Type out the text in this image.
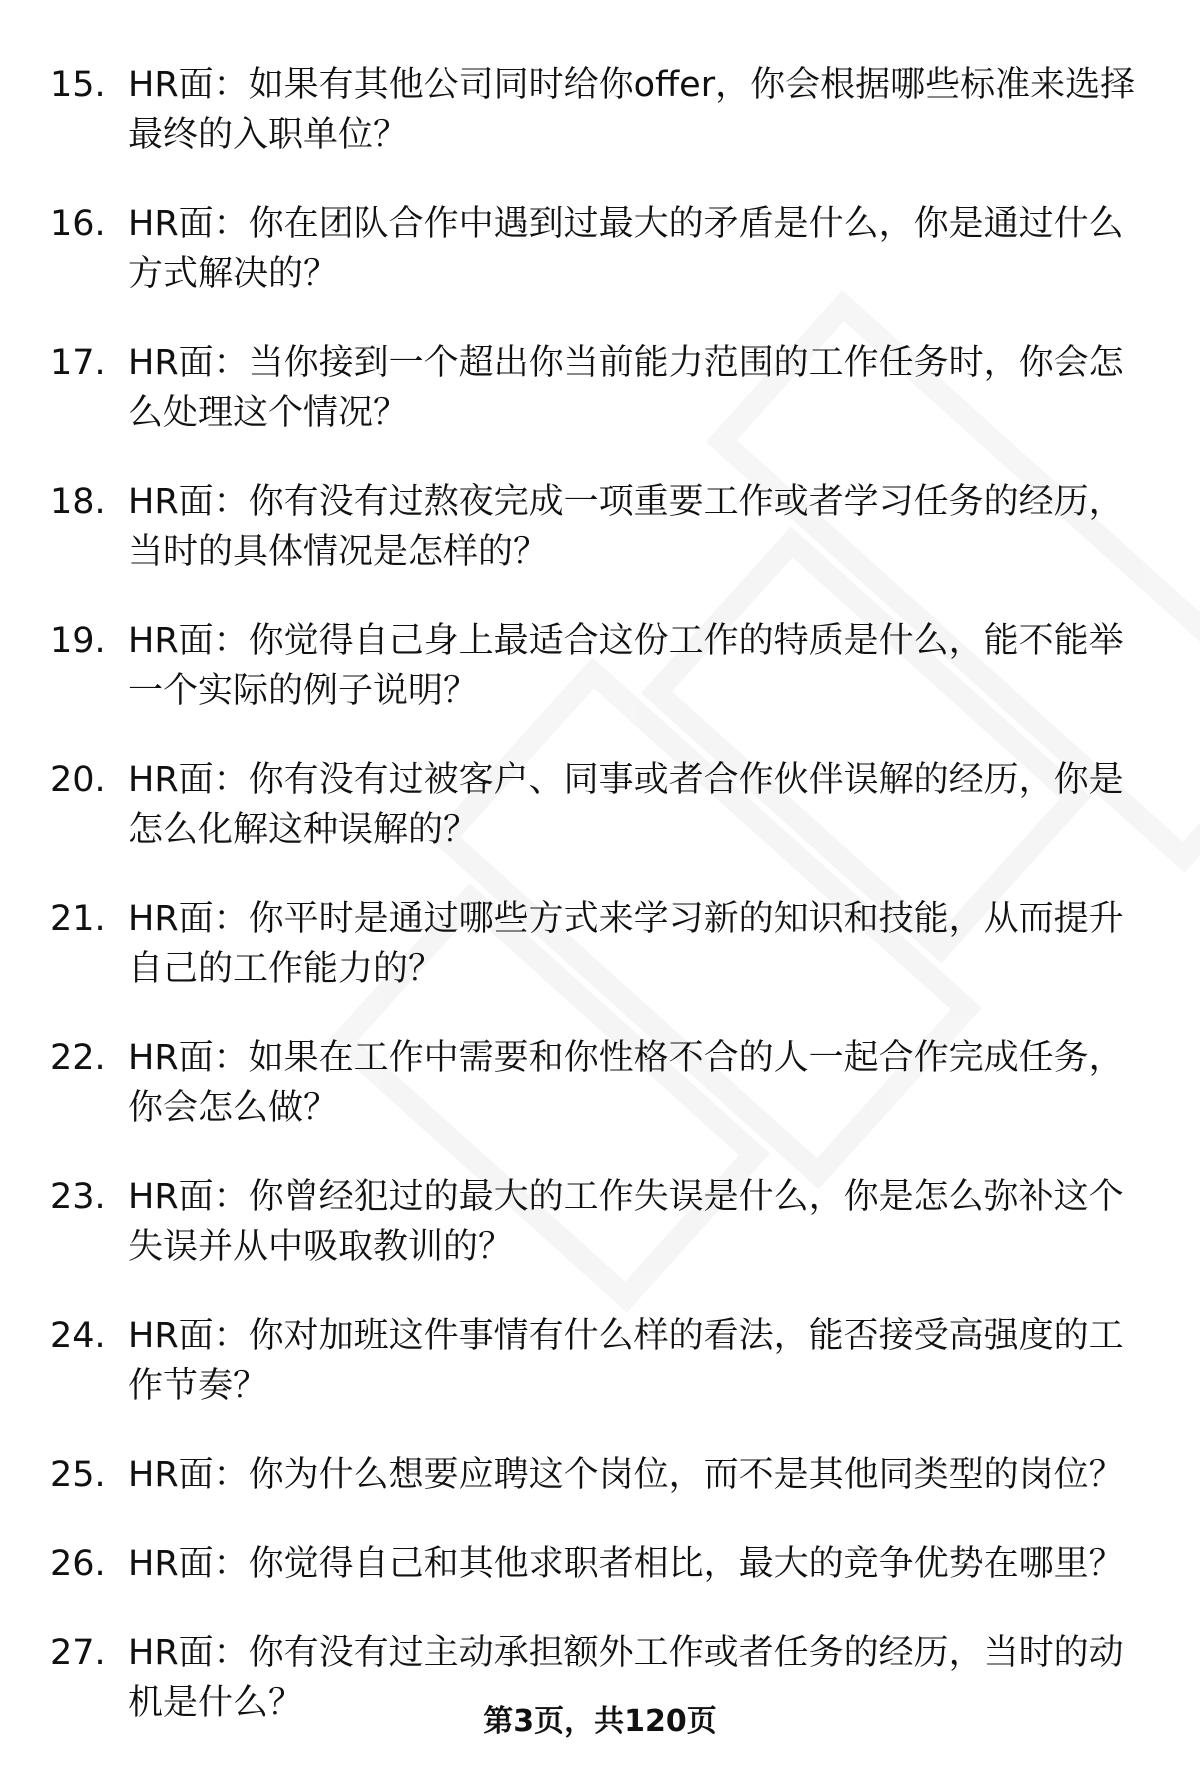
15. HR面：如果有其他公司同时给你offer，你会根据哪些标准来选择最终的入职单位？
16. HR面：你在团队合作中遇到过最大的矛盾是什么，你是通过什么方式解决的？
17. HR面：当你接到一个超出你当前能力范围的工作任务时，你会怎么处理这个情况？
18. HR面：你有没有过熬夜完成一项重要工作或者学习任务的经历，当时的具体情况是怎样的？
19. HR面：你觉得自己身上最适合这份工作的特质是什么，能不能举一个实际的例子说明？
20. HR面：你有没有过被客户、同事或者合作伙伴误解的经历，你是怎么化解这种误解的？
21. HR面：你平时是通过哪些方式来学习新的知识和技能，从而提升自己的工作能力的？
22. HR面：如果在工作中需要和你性格不合的人一起合作完成任务，你会怎么做？
23. HR面：你曾经犯过的最大的工作失误是什么，你是怎么弥补这个失误并从中吸取教训的？
24. HR面：你对加班这件事情有什么样的看法，能否接受高强度的工作节奏？
25. HR面：你为什么想要应聘这个岗位，而不是其他同类型的岗位？
26. HR面：你觉得自己和其他求职者相比，最大的竞争优势在哪里？
27. HR面：你有没有过主动承担额外工作或者任务的经历，当时的动机是什么？	第3页，共120页
